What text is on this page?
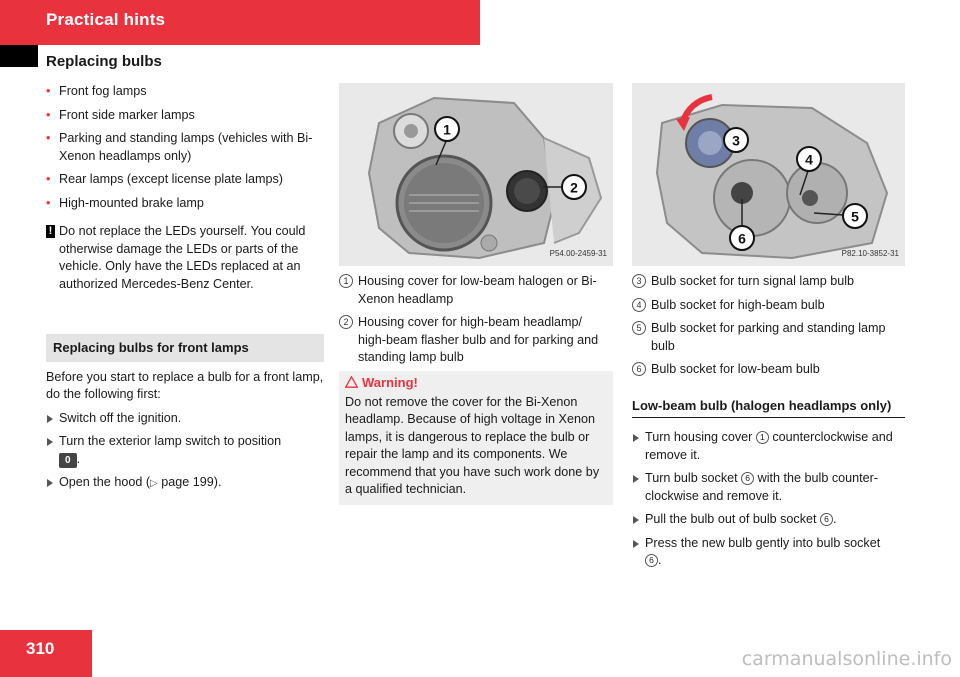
Practical hints
Replacing bulbs
• Front fog lamps
• Front side marker lamps
• Parking and standing lamps (vehicles with Bi-Xenon headlamps only)
• Rear lamps (except license plate lamps)
• High-mounted brake lamp
! Do not replace the LEDs yourself. You could otherwise damage the LEDs or parts of the vehicle. Only have the LEDs replaced at an authorized Mercedes-Benz Center.
Replacing bulbs for front lamps

Before you start to replace a bulb for a front lamp, do the following first:

Switch off the ignition.
Turn the exterior lamp switch to position
0 .
Open the hood (▷ page 199).
1
2
P54.00-2459-31
1 Housing cover for low-beam halogen or Bi-Xenon headlamp
2 Housing cover for high-beam headlamp/ high-beam flasher bulb and for parking and standing lamp bulb
Warning!
Do not remove the cover for the Bi-Xenon headlamp. Because of high voltage in Xenon lamps, it is dangerous to replace the bulb or repair the lamp and its components. We recommend that you have such work done by a qualified technician.
3
4
5
6
P82.10-3852-31
3 Bulb socket for turn signal lamp bulb
4 Bulb socket for high-beam bulb
5 Bulb socket for parking and standing lamp bulb
6 Bulb socket for low-beam bulb
Low-beam bulb (halogen headlamps only)
Turn housing cover 1 counterclockwise and remove it.
Turn bulb socket 6 with the bulb counter-clockwise and remove it.
Pull the bulb out of bulb socket 6 .
Press the new bulb gently into bulb socket
6 .
310	carmanualsonline.info
